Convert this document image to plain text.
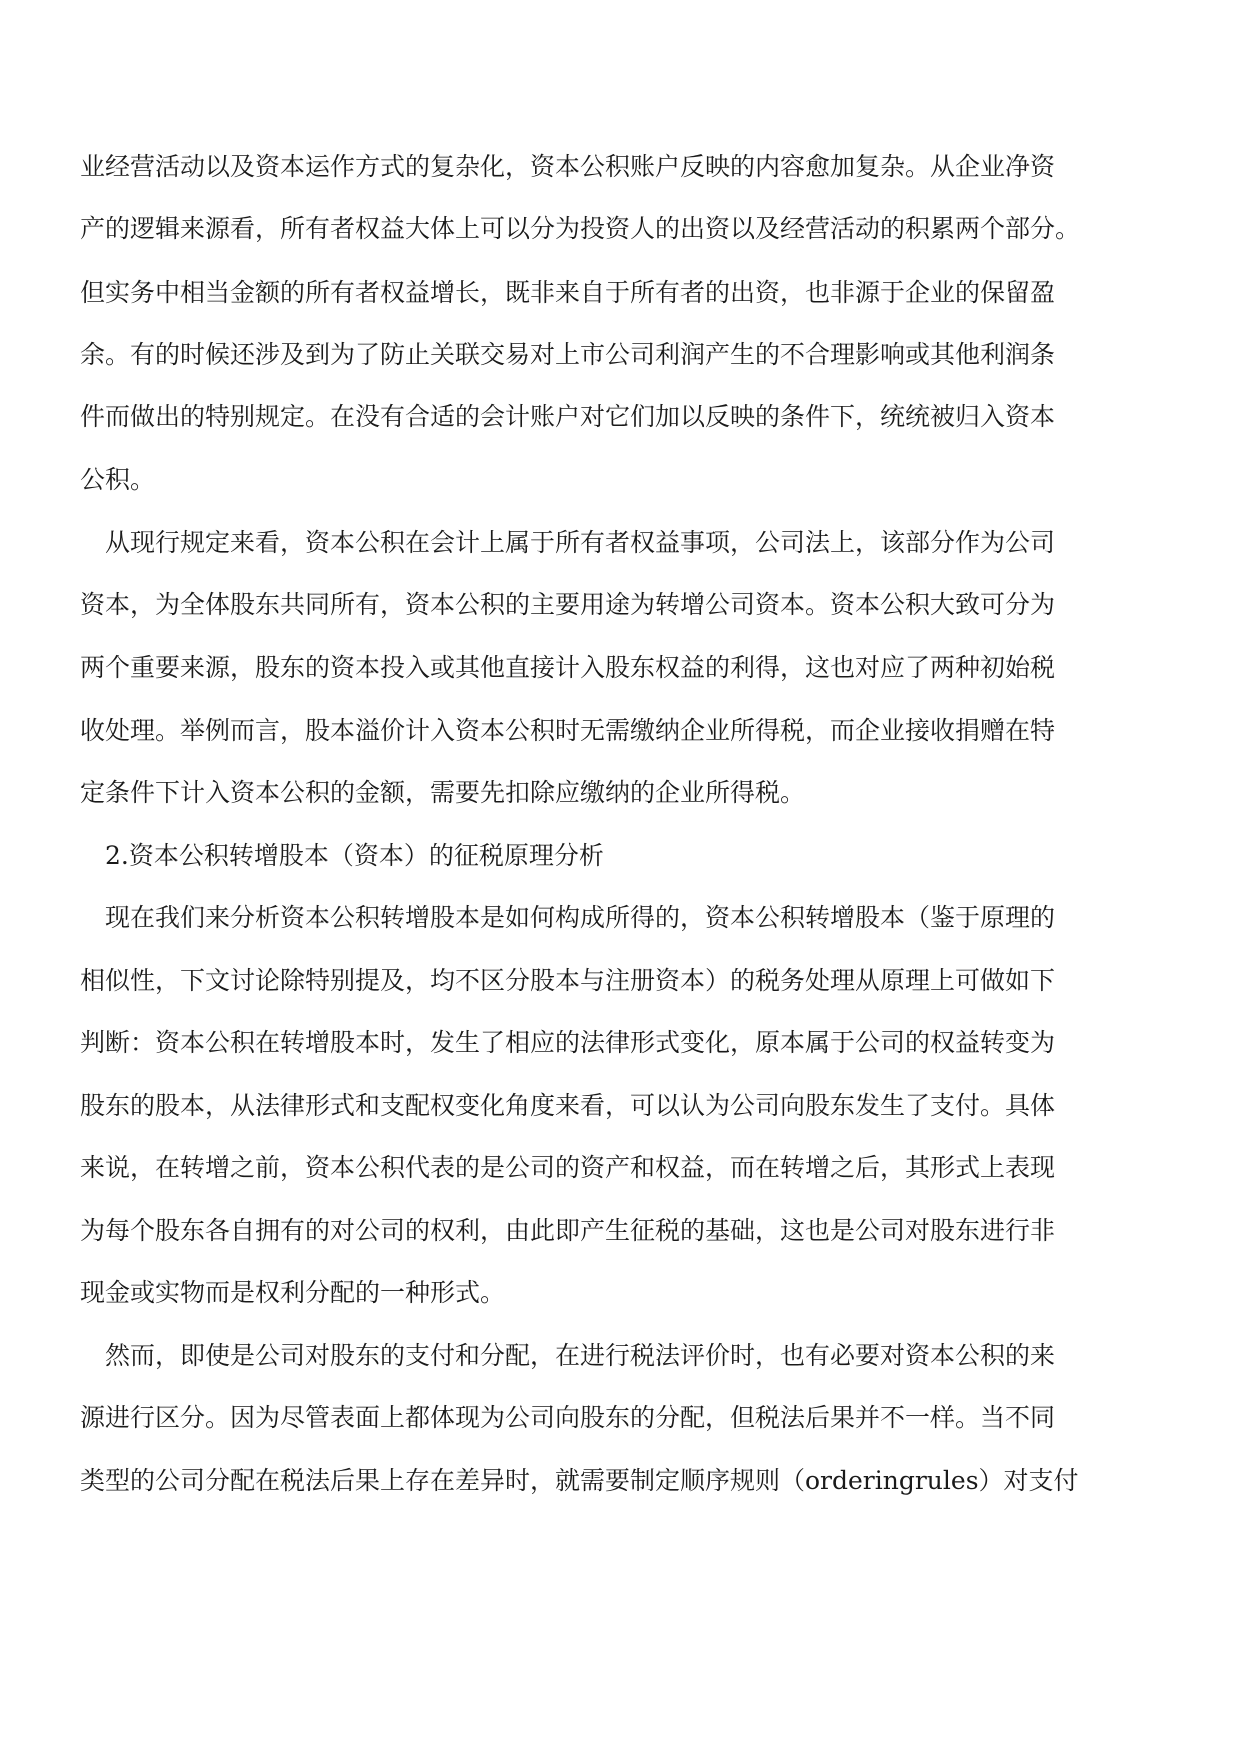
业经营活动以及资本运作方式的复杂化，资本公积账户反映的内容愈加复杂。从企业净资
产的逻辑来源看，所有者权益大体上可以分为投资人的出资以及经营活动的积累两个部分。
但实务中相当金额的所有者权益增长，既非来自于所有者的出资，也非源于企业的保留盈
余。有的时候还涉及到为了防止关联交易对上市公司利润产生的不合理影响或其他利润条
件而做出的特别规定。在没有合适的会计账户对它们加以反映的条件下，统统被归入资本
公积。
从现行规定来看，资本公积在会计上属于所有者权益事项，公司法上，该部分作为公司
资本，为全体股东共同所有，资本公积的主要用途为转增公司资本。资本公积大致可分为
两个重要来源，股东的资本投入或其他直接计入股东权益的利得，这也对应了两种初始税
收处理。举例而言，股本溢价计入资本公积时无需缴纳企业所得税，而企业接收捐赠在特
定条件下计入资本公积的金额，需要先扣除应缴纳的企业所得税。
2.资本公积转增股本（资本）的征税原理分析
现在我们来分析资本公积转增股本是如何构成所得的，资本公积转增股本（鉴于原理的
相似性，下文讨论除特别提及，均不区分股本与注册资本）的税务处理从原理上可做如下
判断：资本公积在转增股本时，发生了相应的法律形式变化，原本属于公司的权益转变为
股东的股本，从法律形式和支配权变化角度来看，可以认为公司向股东发生了支付。具体
来说，在转增之前，资本公积代表的是公司的资产和权益，而在转增之后，其形式上表现
为每个股东各自拥有的对公司的权利，由此即产生征税的基础，这也是公司对股东进行非
现金或实物而是权利分配的一种形式。
然而，即使是公司对股东的支付和分配，在进行税法评价时，也有必要对资本公积的来
源进行区分。因为尽管表面上都体现为公司向股东的分配，但税法后果并不一样。当不同
类型的公司分配在税法后果上存在差异时，就需要制定顺序规则（orderingrules）对支付
